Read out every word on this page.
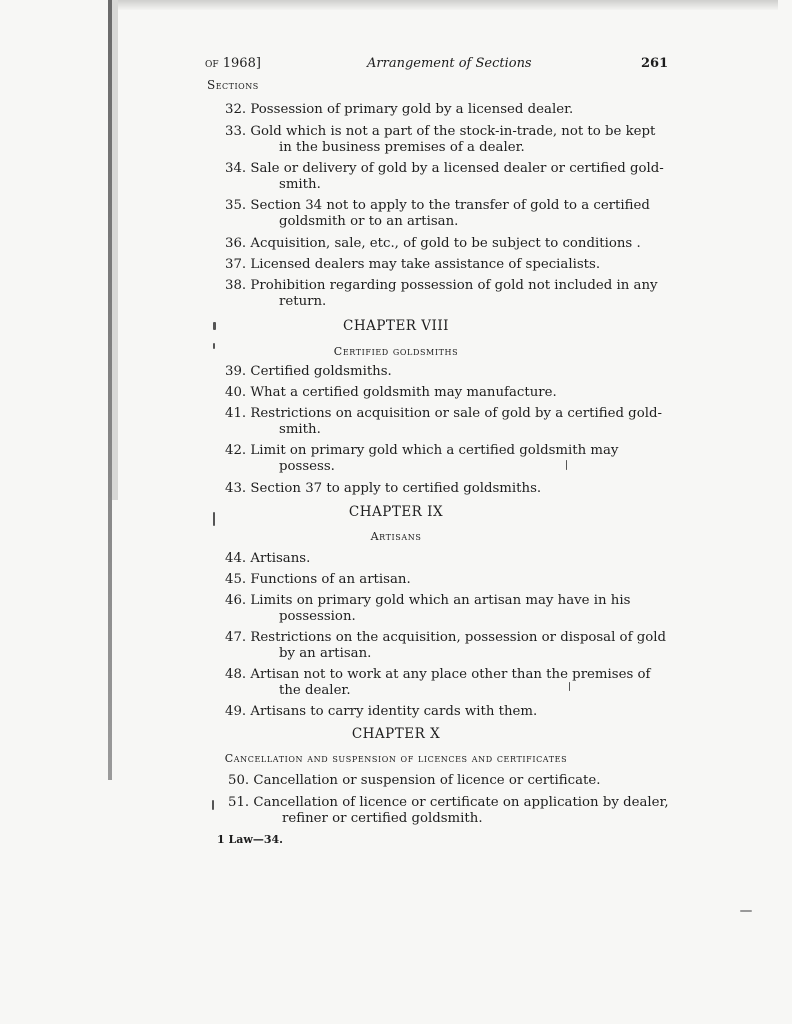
of 1968]	Arrangement of Sections	261
Sections
32. Possession of primary gold by a licensed dealer.
33. Gold which is not a part of the stock-in-trade, not to be kept
in the business premises of a dealer.
34. Sale or delivery of gold by a licensed dealer or certified gold-
smith.
35. Section 34 not to apply to the transfer of gold to a certified
goldsmith or to an artisan.
36. Acquisition, sale, etc., of gold to be subject to conditions .
37. Licensed dealers may take assistance of specialists.
38. Prohibition regarding possession of gold not included in any
return.
CHAPTER VIII
Certified goldsmiths
39. Certified goldsmiths.
40. What a certified goldsmith may manufacture.
41. Restrictions on acquisition or sale of gold by a certified gold-
smith.
42. Limit on primary gold which a certified goldsmith may
possess.
43. Section 37 to apply to certified goldsmiths.
CHAPTER IX
Artisans
44. Artisans.
45. Functions of an artisan.
46. Limits on primary gold which an artisan may have in his
possession.
47. Restrictions on the acquisition, possession or disposal of gold
by an artisan.
48. Artisan not to work at any place other than the premises of
the dealer.
49. Artisans to carry identity cards with them.
CHAPTER X
Cancellation and suspension of licences and certificates
50. Cancellation or suspension of licence or certificate.
51. Cancellation of licence or certificate on application by dealer,
refiner or certified goldsmith.
1 Law—34.
